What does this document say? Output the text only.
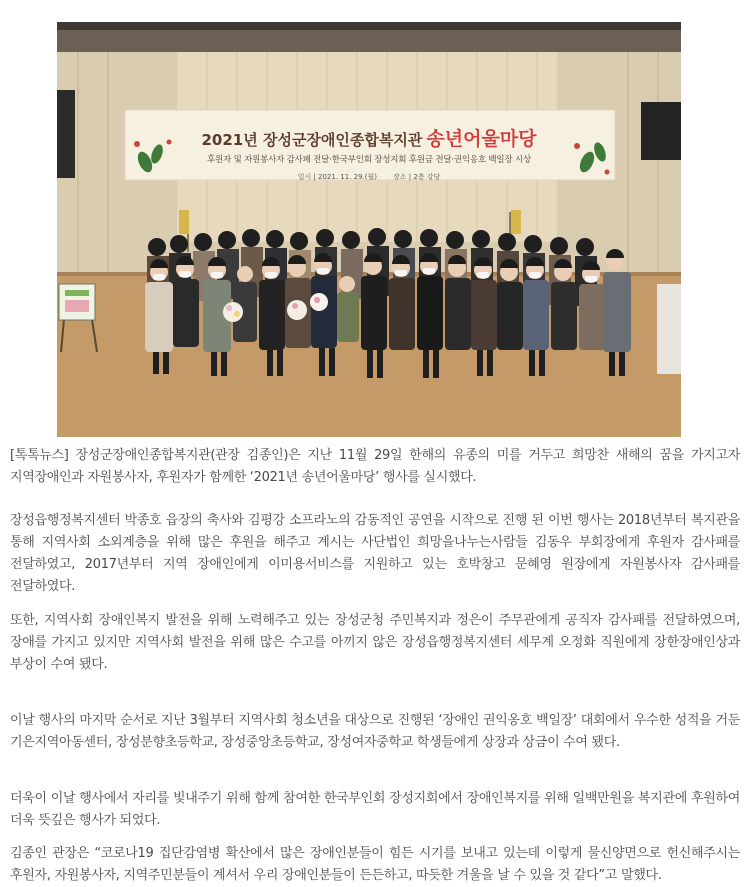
2021년 장성군장애인종합복지관 송년어울마당
후원자 및 자원봉사자 감사패 전달·한국부인회 장성지회 후원금 전달·권익옹호 백일장 시상
일시 | 2021. 11. 29.(월) 장소 | 2층 강당

[톡톡뉴스] 장성군장애인종합복지관(관장 김종인)은 지난 11월 29일 한해의 유종의 미를 거두고 희망찬 새해의 꿈을 가지고자 지역장애인과 자원봉사자, 후원자가 함께한 ‘2021년 송년어울마당’ 행사를 실시했다.

장성읍행정복지센터 박종호 읍장의 축사와 김평강 소프라노의 감동적인 공연을 시작으로 진행 된 이번 행사는 2018년부터 복지관을 통해 지역사회 소외계층을 위해 많은 후원을 해주고 계시는 사단법인 희망을나누는사람들 김동우 부회장에게 후원자 감사패를 전달하였고, 2017년부터 지역 장애인에게 이미용서비스를 지원하고 있는 호박창고 문혜영 원장에게 자원봉사자 감사패를 전달하였다.

또한, 지역사회 장애인복지 발전을 위해 노력해주고 있는 장성군청 주민복지과 정은이 주무관에게 공직자 감사패를 전달하였으며, 장애를 가지고 있지만 지역사회 발전을 위해 많은 수고를 아끼지 않은 장성읍행정복지센터 세무계 오정화 직원에게 장한장애인상과 부상이 수여 됐다.

이날 행사의 마지막 순서로 지난 3월부터 지역사회 청소년을 대상으로 진행된 ‘장애인 권익옹호 백일장’ 대회에서 우수한 성적을 거둔 기은지역아동센터, 장성분향초등학교, 장성중앙초등학교, 장성여자중학교 학생들에게 상장과 상금이 수여 됐다.

더욱이 이날 행사에서 자리를 빛내주기 위해 함께 참여한 한국부인회 장성지회에서 장애인복지를 위해 일백만원을 복지관에 후원하여 더욱 뜻깊은 행사가 되었다.

김종인 관장은 “코로나19 집단감염병 확산에서 많은 장애인분들이 힘든 시기를 보내고 있는데 이렇게 물신양면으로 헌신해주시는 후원자, 자원봉사자, 지역주민분들이 계셔서 우리 장애인분들이 든든하고, 따듯한 겨울을 날 수 있을 것 같다”고 말했다.
